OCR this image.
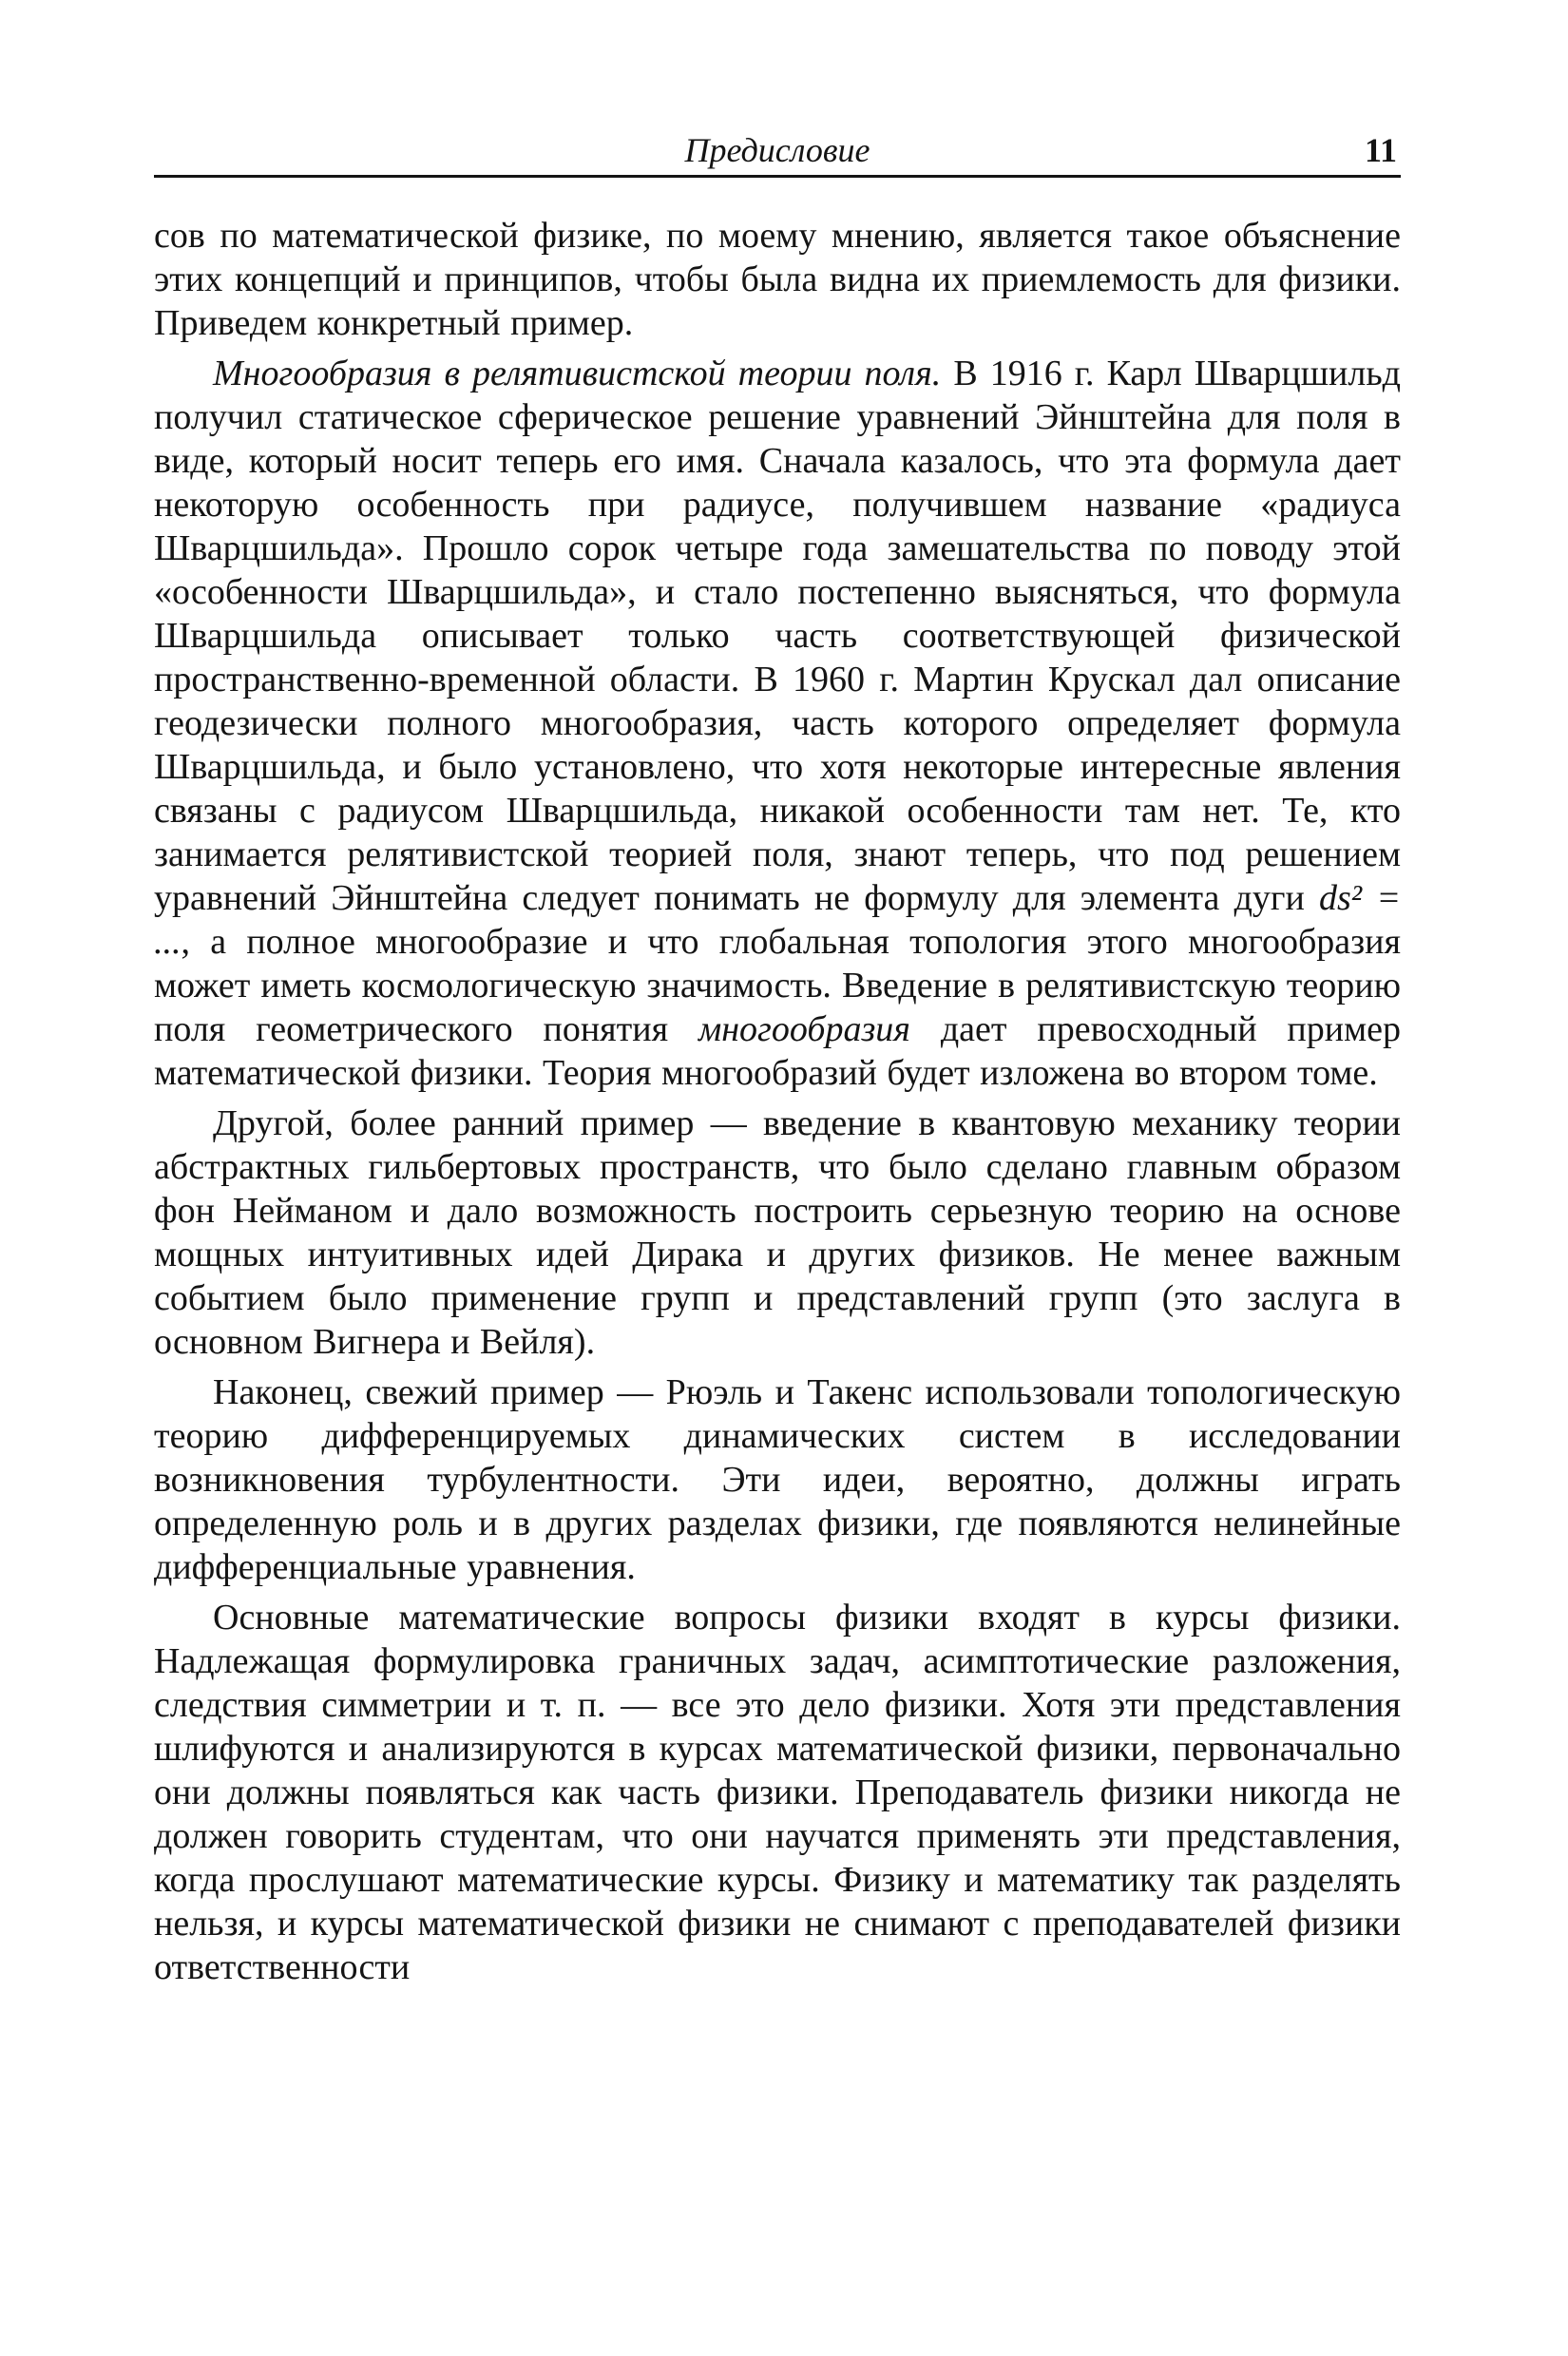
Предисловие	11

сов по математической физике, по моему мнению, является такое объяснение этих концепций и принципов, чтобы была видна их приемлемость для физики. Приведем конкретный пример.

Многообразия в релятивистской теории поля. В 1916 г. Карл Шварцшильд получил статическое сферическое решение уравнений Эйнштейна для поля в виде, который носит теперь его имя. Сначала казалось, что эта формула дает некоторую особенность при радиусе, получившем название «радиуса Шварцшильда». Прошло сорок четыре года замешательства по поводу этой «особенности Шварцшильда», и стало постепенно выясняться, что формула Шварцшильда описывает только часть соответствующей физической пространственно-временной области. В 1960 г. Мартин Крускал дал описание геодезически полного многообразия, часть которого определяет формула Шварцшильда, и было установлено, что хотя некоторые интересные явления связаны с радиусом Шварцшильда, никакой особенности там нет. Те, кто занимается релятивистской теорией поля, знают теперь, что под решением уравнений Эйнштейна следует понимать не формулу для элемента дуги ds² = ..., а полное многообразие и что глобальная топология этого многообразия может иметь космологическую значимость. Введение в релятивистскую теорию поля геометрического понятия многообразия дает превосходный пример математической физики. Теория многообразий будет изложена во втором томе.

Другой, более ранний пример — введение в квантовую механику теории абстрактных гильбертовых пространств, что было сделано главным образом фон Нейманом и дало возможность построить серьезную теорию на основе мощных интуитивных идей Дирака и других физиков. Не менее важным событием было применение групп и представлений групп (это заслуга в основном Вигнера и Вейля).

Наконец, свежий пример — Рюэль и Такенс использовали топологическую теорию дифференцируемых динамических систем в исследовании возникновения турбулентности. Эти идеи, вероятно, должны играть определенную роль и в других разделах физики, где появляются нелинейные дифференциальные уравнения.

Основные математические вопросы физики входят в курсы физики. Надлежащая формулировка граничных задач, асимптотические разложения, следствия симметрии и т. п. — все это дело физики. Хотя эти представления шлифуются и анализируются в курсах математической физики, первоначально они должны появляться как часть физики. Преподаватель физики никогда не должен говорить студентам, что они научатся применять эти представления, когда прослушают математические курсы. Физику и математику так разделять нельзя, и курсы математической физики не снимают с преподавателей физики ответственности
